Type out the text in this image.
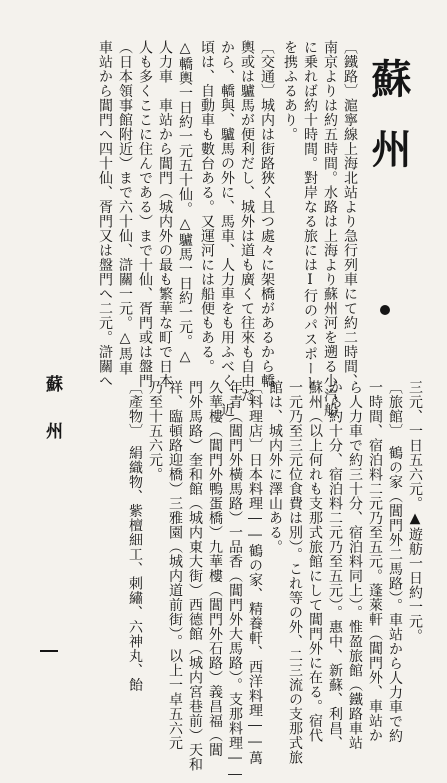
蘇州
蘇州
〔鐵路〕滬寧線上海北站より急行列車にて約二時間、
南京よりは約五時間。水路は上海より蘇州河を遡る小汽船
に乗れば約十時間。對岸なる旅にはI行のパスポート
を携ふるあり。
〔交通〕城内は街路狹く且つ處々に架橋があるから轎
輿或は驢馬が便利だし、城外は道も廣くて往來も自由だ
から、轎與、驢馬の外に、馬車、人力車をも用ふべく、近
頃は、自動車も數台ある。又運河には船便もある。
△轎輿一日約一元五十仙。△驢馬一日約一元。△
人力車　車站から閶門（城内外の最も繁華な町で日本
人も多くここに住んである）まで十仙、胥門或は盤門
（日本領事館附近）まで六十仙、滸關一元。△馬車
車站から閶門へ四十仙、胥門又は盤門へ二元。滸關へ
三元、一日五六元。▲遊舫一日約一元。
〔旅館〕　鶴の家（閶門外二馬路）。車站から人力車で約
一時間、宿泊料二元乃至五元。蓬萊軒（閶門外、車站か
ら人力車で約三十分、宿泊料同上）。惟盈旅館（鐵路車站
から約十分、宿泊料二元乃至五元）。惠中、新蘇、利昌、
蘇州（以上何れも支那式旅館にして閶門外に在る。宿代
一元乃至三元位食費は別）。これ等の外、二三流の支那式旅
館は、城内外に澤山ある。
〔料理店〕日本料理――鶴の家、精養軒、西洋料理――萬
年青（閶門外橫馬路）一品香（閶門外大馬路）。支那料理――
久華樓（閶門外鴨蛋橋）九華樓（閶門外石路）義昌福（閶
門外馬路）奎和館（城内東大街）西德館（城内宮巷前）天和
祥、臨頓路迎橋）三雅園（城内道前街）。以上一卓五六元
乃至十五六元。
〔產物〕　絹織物、紫檀細工、刺繡、六神丸、飴
